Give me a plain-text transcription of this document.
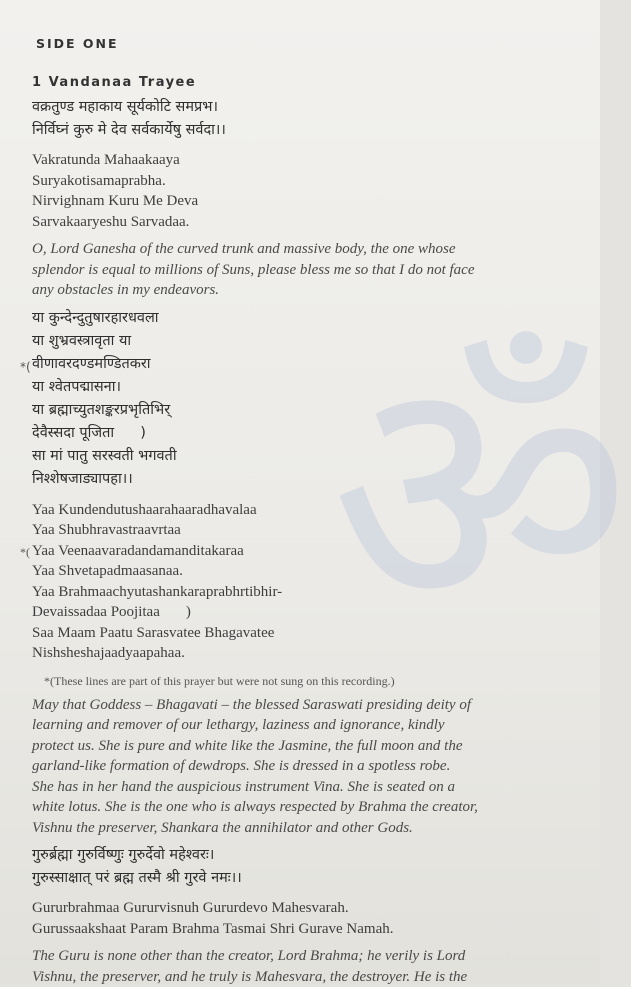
ॐ
SIDE ONE
1 Vandanaa Trayee
वक्रतुण्ड महाकाय सूर्यकोटि समप्रभ।
निर्विघ्नं कुरु मे देव सर्वकार्येषु सर्वदा।।
Vakratunda Mahaakaaya
Suryakotisamaprabha.
Nirvighnam Kuru Me Deva
Sarvakaaryeshu Sarvadaa.
O, Lord Ganesha of the curved trunk and massive body, the one whose
splendor is equal to millions of Suns, please bless me so that I do not face
any obstacles in my endeavors.
या कुन्देन्दुतुषारहारधवला
या शुभ्रवस्त्रावृता या
*( वीणावरदण्डमण्डितकरा
या श्वेतपद्मासना।
या ब्रह्माच्युतशङ्करप्रभृतिभिर्
देवैस्सदा पूजिता )
सा मां पातु सरस्वती भगवती
निश्शेषजाड्यापहा।।
Yaa Kundendutushaarahaaradhavalaa
Yaa Shubhravastraavrtaa
*( Yaa Veenaavaradandamanditakaraa
Yaa Shvetapadmaasanaa.
Yaa Brahmaachyutashankaraprabhrtibhir-
Devaissadaa Poojitaa )
Saa Maam Paatu Sarasvatee Bhagavatee
Nishsheshajaadyaapahaa.
*(These lines are part of this prayer but were not sung on this recording.)
May that Goddess – Bhagavati – the blessed Saraswati presiding deity of
learning and remover of our lethargy, laziness and ignorance, kindly
protect us. She is pure and white like the Jasmine, the full moon and the
garland-like formation of dewdrops. She is dressed in a spotless robe.
She has in her hand the auspicious instrument Vina. She is seated on a
white lotus. She is the one who is always respected by Brahma the creator,
Vishnu the preserver, Shankara the annihilator and other Gods.
गुरुर्ब्रह्मा गुरुर्विष्णुः गुरुर्देवो महेश्वरः।
गुरुस्साक्षात् परं ब्रह्म तस्मै श्री गुरवे नमः।।
Gururbrahmaa Gururvisnuh Gururdevo Mahesvarah.
Gurussaakshaat Param Brahma Tasmai Shri Gurave Namah.
The Guru is none other than the creator, Lord Brahma; he verily is Lord
Vishnu, the preserver, and he truly is Mahesvara, the destroyer. He is the
